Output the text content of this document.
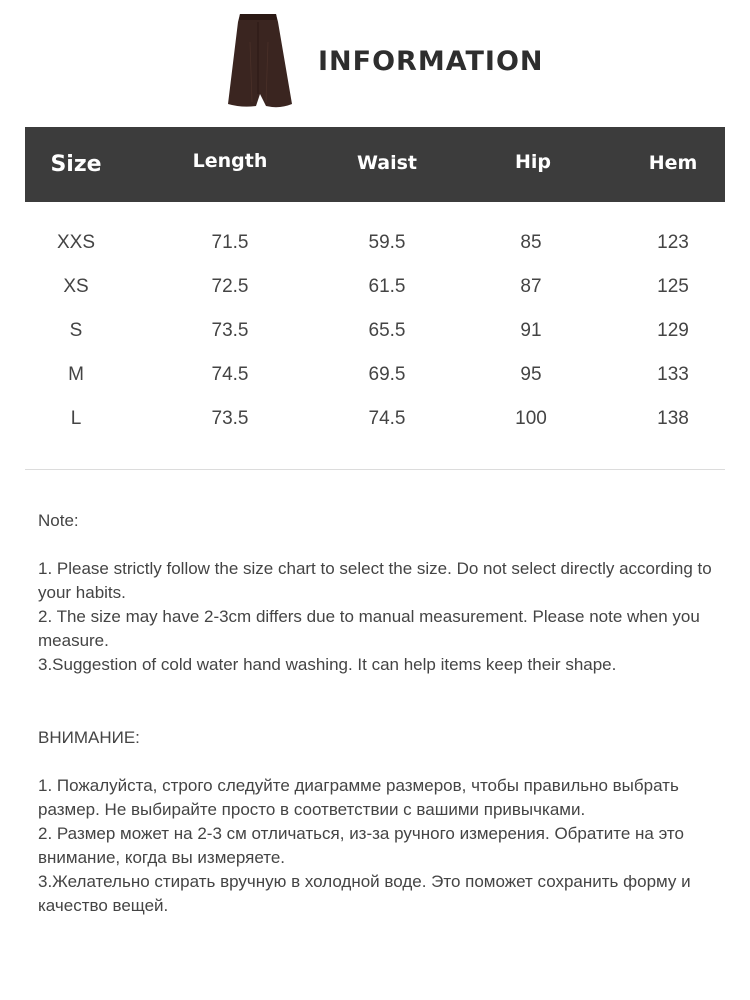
INFORMATION
Size	Length	Waist	Hip	Hem
XXS	71.5	59.5	85	123
XS	72.5	61.5	87	125
S	73.5	65.5	91	129
M	74.5	69.5	95	133
L	73.5	74.5	100	138
Note:

1. Please strictly follow the size chart to select the size. Do not select directly according to your habits.

2. The size may have 2-3cm differs due to manual measurement. Please note when you measure.

3.Suggestion of cold water hand washing. It can help items keep their shape.

ВНИМАНИЕ:

1. Пожалуйста, строго следуйте диаграмме размеров, чтобы правильно выбрать размер. Не выбирайте просто в соответствии с вашими привычками.

2. Размер может на 2-3 см отличаться, из-за ручного измерения. Обратите на это внимание, когда вы измеряете.

3.Желательно стирать вручную в холодной воде. Это поможет сохранить форму и качество вещей.
